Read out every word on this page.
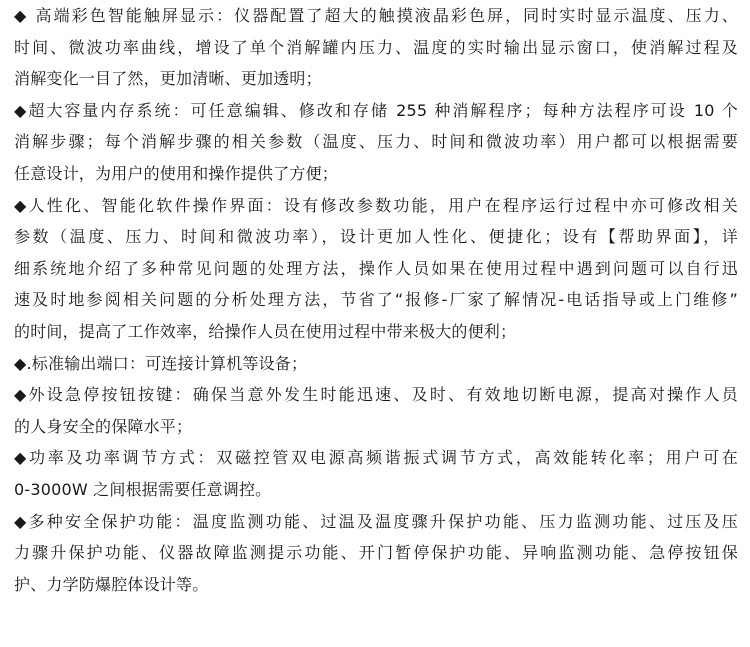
◆ 高端彩色智能触屏显示：仪器配置了超大的触摸液晶彩色屏，同时实时显示温度、压力、
时间、微波功率曲线，增设了单个消解罐内压力、温度的实时输出显示窗口，使消解过程及
消解变化一目了然，更加清晰、更加透明；
◆超大容量内存系统：可任意编辑、修改和存储 255 种消解程序；每种方法程序可设 10 个
消解步骤；每个消解步骤的相关参数（温度、压力、时间和微波功率）用户都可以根据需要
任意设计，为用户的使用和操作提供了方便；
◆人性化、智能化软件操作界面：设有修改参数功能，用户在程序运行过程中亦可修改相关
参数（温度、压力、时间和微波功率），设计更加人性化、便捷化；设有【帮助界面】，详
细系统地介绍了多种常见问题的处理方法，操作人员如果在使用过程中遇到问题可以自行迅
速及时地参阅相关问题的分析处理方法，节省了“报修-厂家了解情况-电话指导或上门维修”
的时间，提高了工作效率，给操作人员在使用过程中带来极大的便利；
◆.标准输出端口：可连接计算机等设备；
◆外设急停按钮按键：确保当意外发生时能迅速、及时、有效地切断电源，提高对操作人员
的人身安全的保障水平；
◆功率及功率调节方式：双磁控管双电源高频谐振式调节方式，高效能转化率；用户可在
0-3000W 之间根据需要任意调控。
◆多种安全保护功能：温度监测功能、过温及温度骤升保护功能、压力监测功能、过压及压
力骤升保护功能、仪器故障监测提示功能、开门暂停保护功能、异响监测功能、急停按钮保
护、力学防爆腔体设计等。
